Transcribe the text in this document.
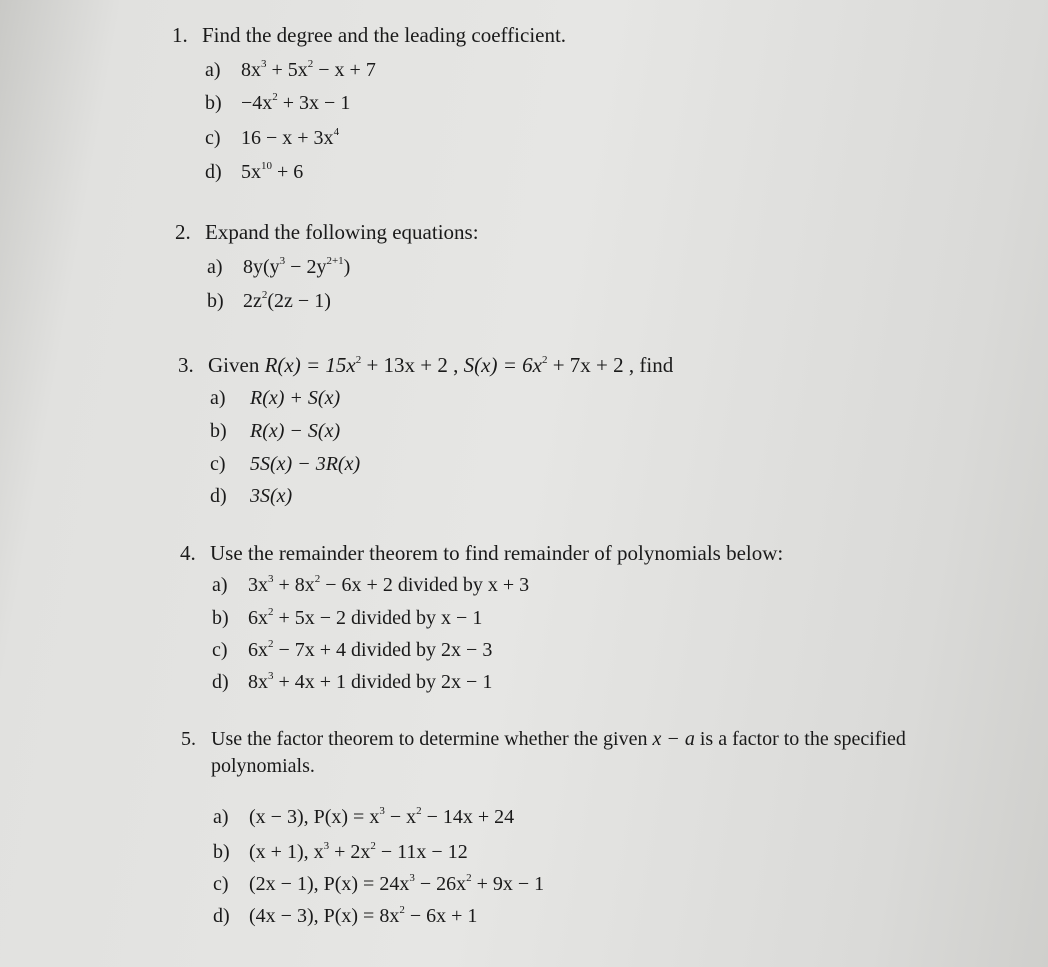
1. Find the degree and the leading coefficient.
a) $8x^3 + 5x^2 - x + 7$
$b) -4x^2 + 3x - 1$
c) $16 - x + 3x^4$
d) $5x^{10} + 6$
2. Expand the following equations:
a) $8y(y^3 - 2y^{2+1})$
b) $2z^2(2z - 1)$
3. Given $R(x) = 15x^2 + 13x + 2$ , $S(x) = 6x^2 + 7x + 2$ , find
a) R(x) + S(x)
b) R(x) − S(x)
c) 5S(x) − 3R(x)
d) 3S(x)
4. Use the remainder theorem to find remainder of polynomials below:
a) $3x^3 + 8x^2 - 6x + 2$ divided by x + 3
b) $6x^2 + 5x - 2$ divided by x − 1
c) $6x^2 - 7x + 4$ divided by 2x − 3
d) $8x^3 + 4x + 1$ divided by 2x − 1
5. Use the factor theorem to determine whether the given x − a is a factor to the specified
polynomials.
a) (x − 3), $P(x) = x^3 - x^2 - 14x + 24$
b) (x + 1), $x^3 + 2x^2 - 11x - 12$
c) (2x − 1), $P(x) = 24x^3 - 26x^2 + 9x - 1$
d) (4x − 3), $P(x) = 8x^2 - 6x + 1$
